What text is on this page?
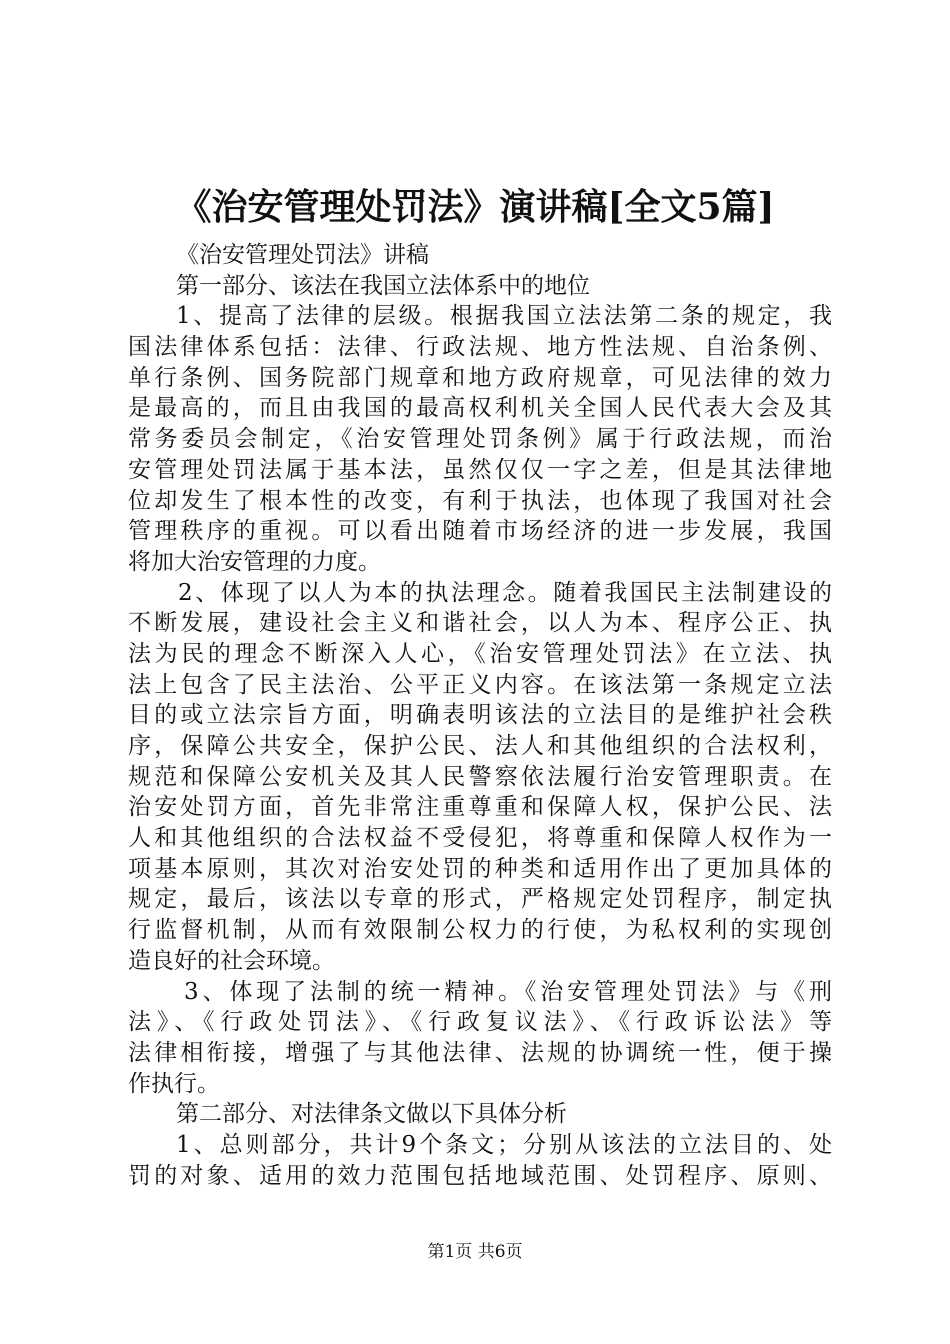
《治安管理处罚法》演讲稿[全文5篇]
《治安管理处罚法》讲稿
第一部分、该法在我国立法体系中的地位
1、提高了法律的层级。根据我国立法法第二条的规定，我
国法律体系包括：法律、行政法规、地方性法规、自治条例、
单行条例、国务院部门规章和地方政府规章，可见法律的效力
是最高的，而且由我国的最高权利机关全国人民代表大会及其
常务委员会制定，《治安管理处罚条例》属于行政法规，而治
安管理处罚法属于基本法，虽然仅仅一字之差，但是其法律地
位却发生了根本性的改变，有利于执法，也体现了我国对社会
管理秩序的重视。可以看出随着市场经济的进一步发展，我国
将加大治安管理的力度。
2、体现了以人为本的执法理念。随着我国民主法制建设的
不断发展，建设社会主义和谐社会，以人为本、程序公正、执
法为民的理念不断深入人心，《治安管理处罚法》在立法、执
法上包含了民主法治、公平正义内容。在该法第一条规定立法
目的或立法宗旨方面，明确表明该法的立法目的是维护社会秩
序，保障公共安全，保护公民、法人和其他组织的合法权利，
规范和保障公安机关及其人民警察依法履行治安管理职责。在
治安处罚方面，首先非常注重尊重和保障人权，保护公民、法
人和其他组织的合法权益不受侵犯，将尊重和保障人权作为一
项基本原则，其次对治安处罚的种类和适用作出了更加具体的
规定，最后，该法以专章的形式，严格规定处罚程序，制定执
行监督机制，从而有效限制公权力的行使，为私权利的实现创
造良好的社会环境。
3、体现了法制的统一精神。《治安管理处罚法》与《刑
法》、《行政处罚法》、《行政复议法》、《行政诉讼法》等
法律相衔接，增强了与其他法律、法规的协调统一性，便于操
作执行。
第二部分、对法律条文做以下具体分析
1、总则部分，共计9个条文；分别从该法的立法目的、处
罚的对象、适用的效力范围包括地域范围、处罚程序、原则、
第1页 共6页
